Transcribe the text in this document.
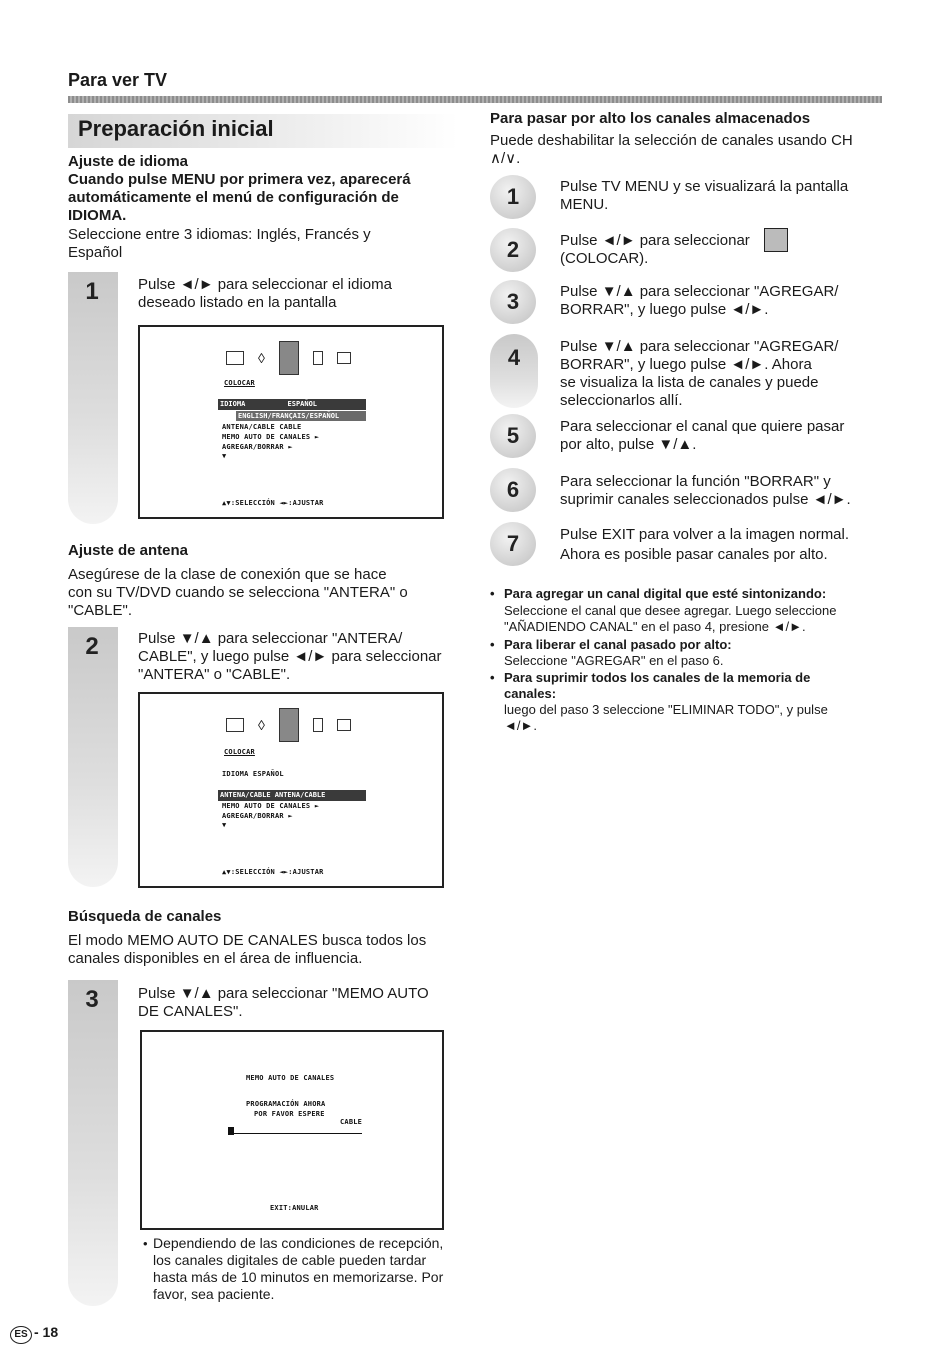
Para ver TV
Preparación inicial
Ajuste de idioma
Cuando pulse MENU por primera vez, aparecerá
automáticamente el menú de configuración de
IDIOMA.
Seleccione entre 3 idiomas: Inglés, Francés y
Español
1	Pulse ◄/► para seleccionar el idioma
deseado listado en la pantalla
◊
COLOCAR
IDIOMA	ESPAÑOL
ENGLISH/FRANÇAIS/ESPAÑOL
ANTENA/CABLE CABLE
MEMO AUTO DE CANALES ►
AGREGAR/BORRAR ►
▼
▲▼:SELECCIÓN ◄►:AJUSTAR
Ajuste de antena
Asegúrese de la clase de conexión que se hace
con su TV/DVD cuando se selecciona "ANTERA" o
"CABLE".
2	Pulse ▼/▲ para seleccionar "ANTERA/
CABLE", y luego pulse ◄/► para seleccionar
"ANTERA" o "CABLE".
◊
COLOCAR
IDIOMA ESPAÑOL
ANTENA/CABLE ANTENA/CABLE
MEMO AUTO DE CANALES ►
AGREGAR/BORRAR ►
▼
▲▼:SELECCIÓN ◄►:AJUSTAR
Búsqueda de canales
El modo MEMO AUTO DE CANALES busca todos los
canales disponibles en el área de influencia.
3	Pulse ▼/▲ para seleccionar "MEMO AUTO
DE CANALES".
MEMO AUTO DE CANALES
PROGRAMACIÓN AHORA
POR FAVOR ESPERE
CABLE
EXIT:ANULAR
• Dependiendo de las condiciones de recepción,
los canales digitales de cable pueden tardar
hasta más de 10 minutos en memorizarse. Por
favor, sea paciente.
Para pasar por alto los canales almacenados
Puede deshabilitar la selección de canales usando CH
∧/∨.
1	Pulse TV MENU y se visualizará la pantalla
MENU.
2	Pulse ◄/► para seleccionar
(COLOCAR).
3	Pulse ▼/▲ para seleccionar "AGREGAR/
BORRAR", y luego pulse ◄/►.
4	Pulse ▼/▲ para seleccionar "AGREGAR/
BORRAR", y luego pulse ◄/►. Ahora
se visualiza la lista de canales y puede
seleccionarlos allí.
5	Para seleccionar el canal que quiere pasar
por alto, pulse ▼/▲.
6	Para seleccionar la función "BORRAR" y
suprimir canales seleccionados pulse ◄/►.
7	Pulse EXIT para volver a la imagen normal.
Ahora es posible pasar canales por alto.
• Para agregar un canal digital que esté sintonizando:
Seleccione el canal que desee agregar. Luego seleccione
"AÑADIENDO CANAL" en el paso 4, presione ◄/►.
• Para liberar el canal pasado por alto:
Seleccione "AGREGAR" en el paso 6.
• Para suprimir todos los canales de la memoria de
canales:
luego del paso 3 seleccione "ELIMINAR TODO", y pulse
◄/►.
ES - 18
